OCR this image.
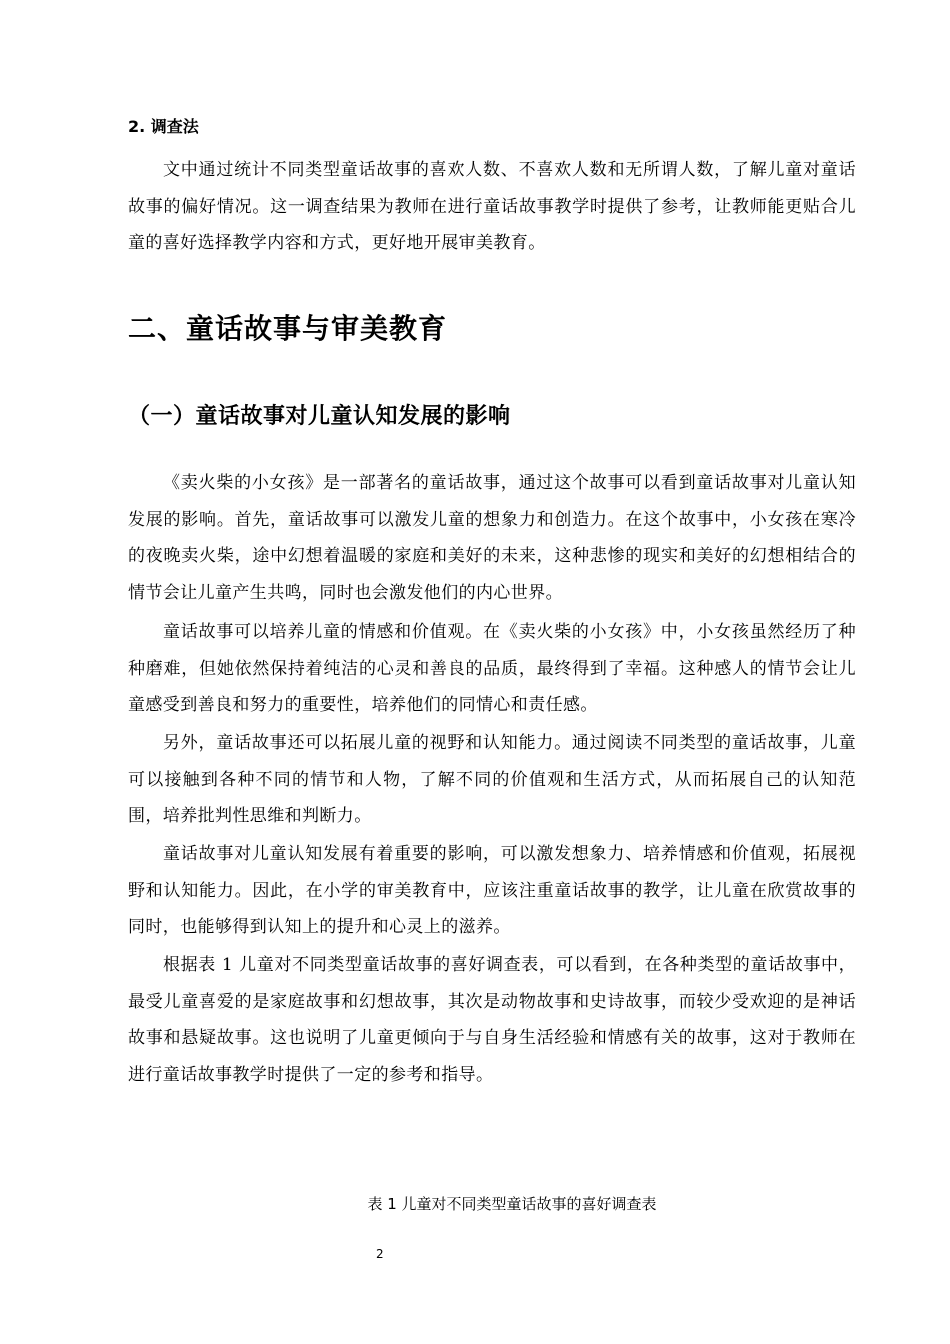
2. 调查法

文中通过统计不同类型童话故事的喜欢人数、不喜欢人数和无所谓人数，了解儿童对童话故事的偏好情况。这一调查结果为教师在进行童话故事教学时提供了参考，让教师能更贴合儿童的喜好选择教学内容和方式，更好地开展审美教育。

二、童话故事与审美教育
（一）童话故事对儿童认知发展的影响

《卖火柴的小女孩》是一部著名的童话故事，通过这个故事可以看到童话故事对儿童认知发展的影响。首先，童话故事可以激发儿童的想象力和创造力。在这个故事中，小女孩在寒冷的夜晚卖火柴，途中幻想着温暖的家庭和美好的未来，这种悲惨的现实和美好的幻想相结合的情节会让儿童产生共鸣，同时也会激发他们的内心世界。

童话故事可以培养儿童的情感和价值观。在《卖火柴的小女孩》中，小女孩虽然经历了种种磨难，但她依然保持着纯洁的心灵和善良的品质，最终得到了幸福。这种感人的情节会让儿童感受到善良和努力的重要性，培养他们的同情心和责任感。

另外，童话故事还可以拓展儿童的视野和认知能力。通过阅读不同类型的童话故事，儿童可以接触到各种不同的情节和人物，了解不同的价值观和生活方式，从而拓展自己的认知范围，培养批判性思维和判断力。

童话故事对儿童认知发展有着重要的影响，可以激发想象力、培养情感和价值观，拓展视野和认知能力。因此，在小学的审美教育中，应该注重童话故事的教学，让儿童在欣赏故事的同时，也能够得到认知上的提升和心灵上的滋养。

根据表 1 儿童对不同类型童话故事的喜好调查表，可以看到，在各种类型的童话故事中，最受儿童喜爱的是家庭故事和幻想故事，其次是动物故事和史诗故事，而较少受欢迎的是神话故事和悬疑故事。这也说明了儿童更倾向于与自身生活经验和情感有关的故事，这对于教师在进行童话故事教学时提供了一定的参考和指导。

表 1 儿童对不同类型童话故事的喜好调查表

2
